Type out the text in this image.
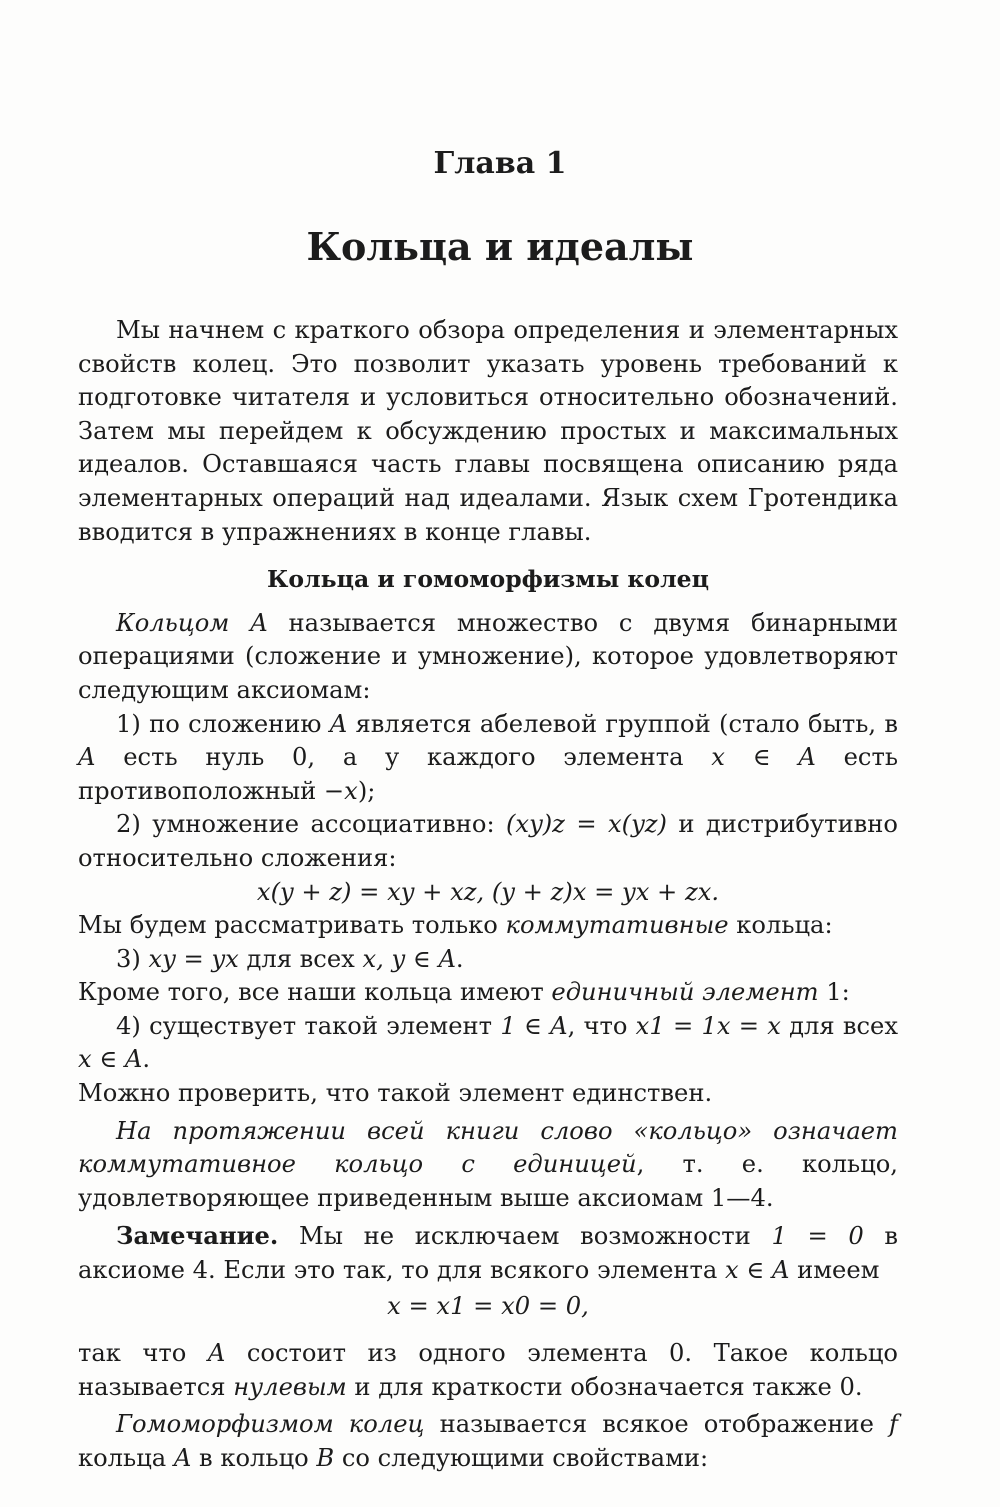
Глава 1
Кольца и идеалы

Мы начнем с краткого обзора определения и элементарных свойств колец. Это позволит указать уровень требований к подготовке читателя и условиться относительно обозначений. Затем мы перейдем к обсуждению простых и максимальных идеалов. Оставшаяся часть главы посвящена описанию ряда элементарных операций над идеалами. Язык схем Гротендика вводится в упражнениях в конце главы.

Кольца и гомоморфизмы колец

Кольцом A называется множество с двумя бинарными операциями (сложение и умножение), которое удовлетворяют следующим аксиомам:

1) по сложению A является абелевой группой (стало быть, в A есть нуль 0, а у каждого элемента x ∈ A есть противоположный −x);

2) умножение ассоциативно: (xy)z = x(yz) и дистрибутивно относительно сложения:

x(y + z) = xy + xz, (y + z)x = yx + zx.

Мы будем рассматривать только коммутативные кольца:

3) xy = yx для всех x, y ∈ A.

Кроме того, все наши кольца имеют единичный элемент 1:

4) существует такой элемент 1 ∈ A, что x1 = 1x = x для всех x ∈ A.

Можно проверить, что такой элемент единствен.

На протяжении всей книги слово «кольцо» означает коммутативное кольцо с единицей, т. е. кольцо, удовлетворяющее приведенным выше аксиомам 1—4.

Замечание. Мы не исключаем возможности 1 = 0 в аксиоме 4. Если это так, то для всякого элемента x ∈ A имеем

x = x1 = x0 = 0,

так что A состоит из одного элемента 0. Такое кольцо называется нулевым и для краткости обозначается также 0.

Гомоморфизмом колец называется всякое отображение f кольца A в кольцо B со следующими свойствами:
